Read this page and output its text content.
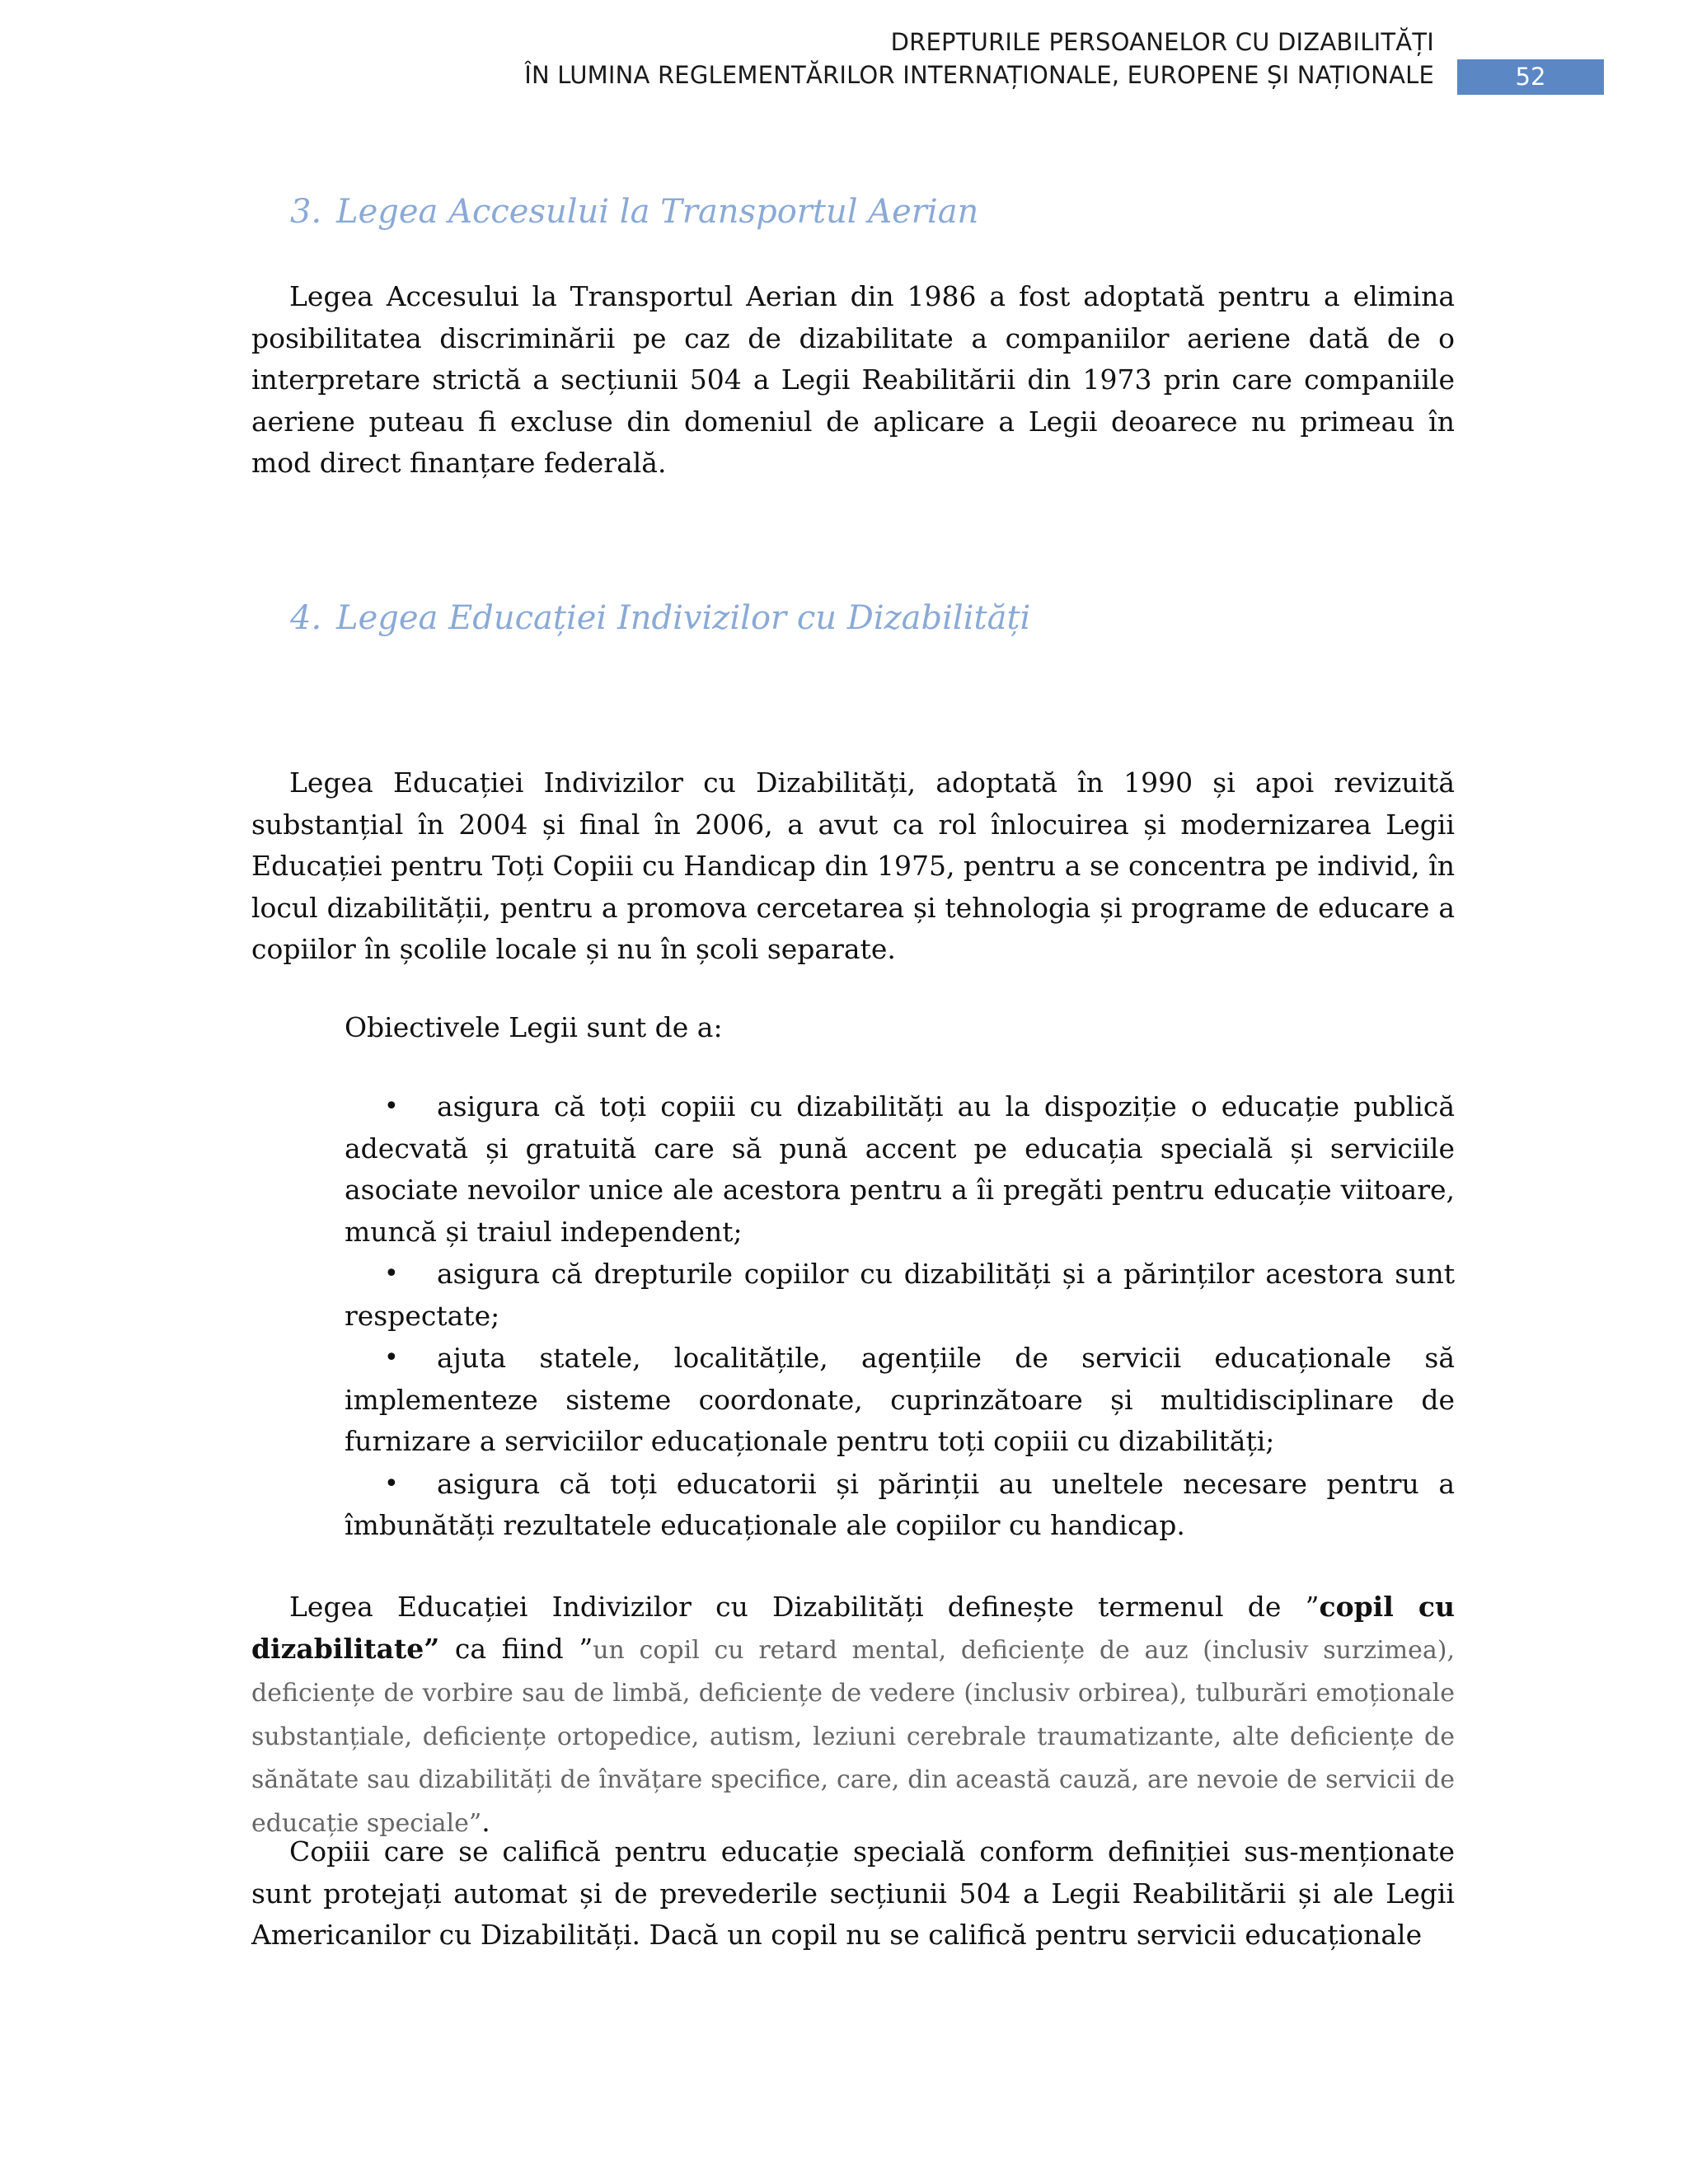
DREPTURILE PERSOANELOR CU DIZABILITĂȚI
ÎN LUMINA REGLEMENTĂRILOR INTERNAȚIONALE, EUROPENE ȘI NAȚIONALE	52
3. Legea Accesului la Transportul Aerian

Legea Accesului la Transportul Aerian din 1986 a fost adoptată pentru a elimina posibilitatea discriminării pe caz de dizabilitate a companiilor aeriene dată de o interpretare strictă a secțiunii 504 a Legii Reabilitării din 1973 prin care companiile aeriene puteau fi excluse din domeniul de aplicare a Legii deoarece nu primeau în mod direct finanțare federală.

4. Legea Educației Indivizilor cu Dizabilități

Legea Educației Indivizilor cu Dizabilități, adoptată în 1990 și apoi revizuită substanțial în 2004 și final în 2006, a avut ca rol înlocuirea și modernizarea Legii Educației pentru Toți Copiii cu Handicap din 1975, pentru a se concentra pe individ, în locul dizabilității, pentru a promova cercetarea și tehnologia și programe de educare a copiilor în școlile locale și nu în școli separate.

Obiectivele Legii sunt de a:

• asigura că toți copiii cu dizabilități au la dispoziție o educație publică adecvată și gratuită care să pună accent pe educația specială și serviciile asociate nevoilor unice ale acestora pentru a îi pregăti pentru educație viitoare, muncă și traiul independent;
• asigura că drepturile copiilor cu dizabilități și a părinților acestora sunt respectate;
• ajuta statele, localitățile, agențiile de servicii educaționale să implementeze sisteme coordonate, cuprinzătoare și multidisciplinare de furnizare a serviciilor educaționale pentru toți copiii cu dizabilități;
• asigura că toți educatorii și părinții au uneltele necesare pentru a îmbunătăți rezultatele educaționale ale copiilor cu handicap.

Legea Educației Indivizilor cu Dizabilități definește termenul de ”copil cu dizabilitate” ca fiind ”un copil cu retard mental, deficiențe de auz (inclusiv surzimea), deficiențe de vorbire sau de limbă, deficiențe de vedere (inclusiv orbirea), tulburări emoționale substanțiale, deficiențe ortopedice, autism, leziuni cerebrale traumatizante, alte deficiențe de sănătate sau dizabilități de învățare specifice, care, din această cauză, are nevoie de servicii de educație speciale”.

Copiii care se califică pentru educație specială conform definiției sus-menționate sunt protejați automat și de prevederile secțiunii 504 a Legii Reabilitării și ale Legii Americanilor cu Dizabilități. Dacă un copil nu se califică pentru servicii educaționale
